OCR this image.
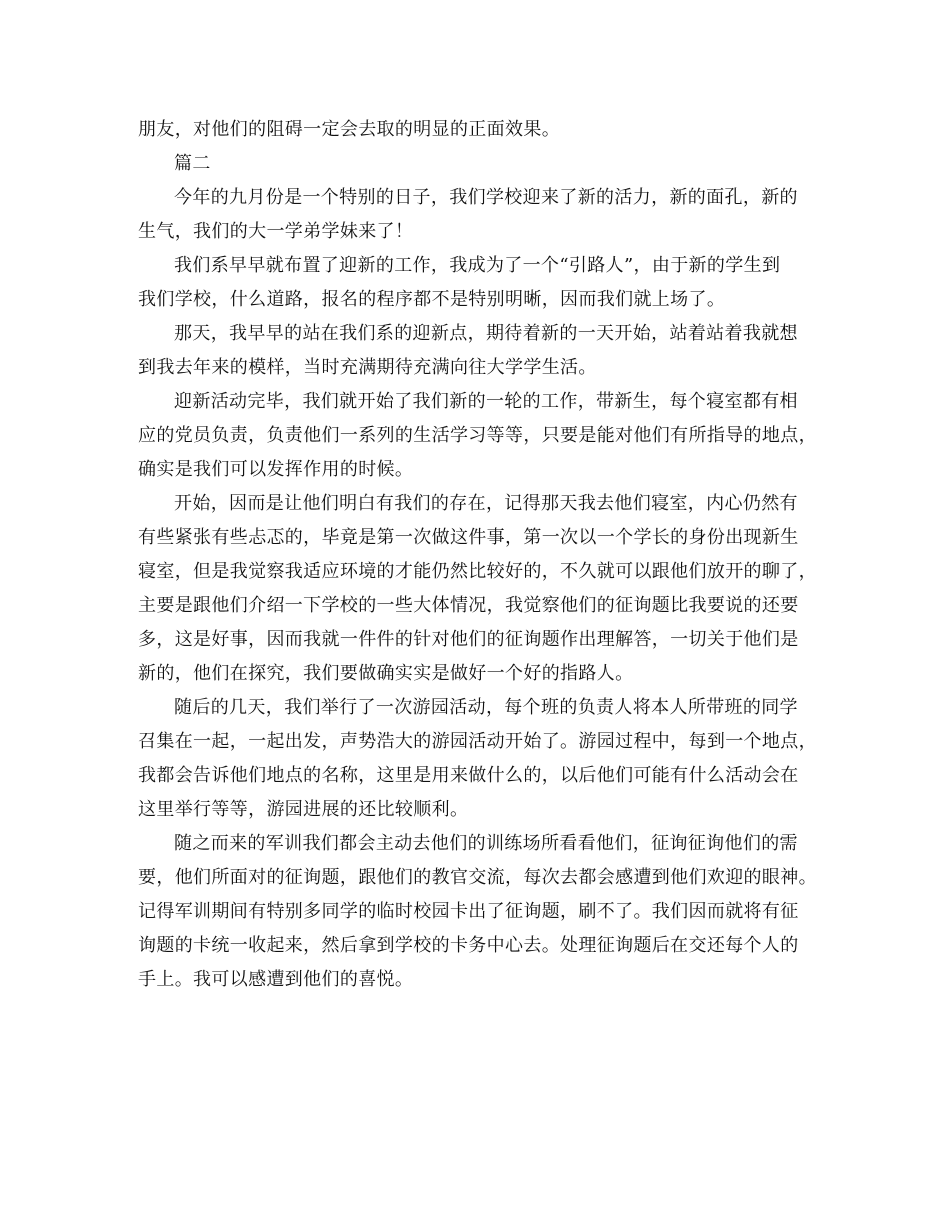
朋友，对他们的阻碍一定会去取的明显的正面效果。
篇二
今年的九月份是一个特别的日子，我们学校迎来了新的活力，新的面孔，新的
生气，我们的大一学弟学妹来了！
我们系早早就布置了迎新的工作，我成为了一个“引路人”，由于新的学生到
我们学校，什么道路，报名的程序都不是特别明晰，因而我们就上场了。
那天，我早早的站在我们系的迎新点，期待着新的一天开始，站着站着我就想
到我去年来的模样，当时充满期待充满向往大学学生活。
迎新活动完毕，我们就开始了我们新的一轮的工作，带新生，每个寝室都有相
应的党员负责，负责他们一系列的生活学习等等，只要是能对他们有所指导的地点，
确实是我们可以发挥作用的时候。
开始，因而是让他们明白有我们的存在，记得那天我去他们寝室，内心仍然有
有些紧张有些忐忑的，毕竟是第一次做这件事，第一次以一个学长的身份出现新生
寝室，但是我觉察我适应环境的才能仍然比较好的，不久就可以跟他们放开的聊了，
主要是跟他们介绍一下学校的一些大体情况，我觉察他们的征询题比我要说的还要
多，这是好事，因而我就一件件的针对他们的征询题作出理解答，一切关于他们是
新的，他们在探究，我们要做确实实是做好一个好的指路人。
随后的几天，我们举行了一次游园活动，每个班的负责人将本人所带班的同学
召集在一起，一起出发，声势浩大的游园活动开始了。游园过程中，每到一个地点，
我都会告诉他们地点的名称，这里是用来做什么的，以后他们可能有什么活动会在
这里举行等等，游园进展的还比较顺利。
随之而来的军训我们都会主动去他们的训练场所看看他们，征询征询他们的需
要，他们所面对的征询题，跟他们的教官交流，每次去都会感遭到他们欢迎的眼神。
记得军训期间有特别多同学的临时校园卡出了征询题，刷不了。我们因而就将有征
询题的卡统一收起来，然后拿到学校的卡务中心去。处理征询题后在交还每个人的
手上。我可以感遭到他们的喜悦。
